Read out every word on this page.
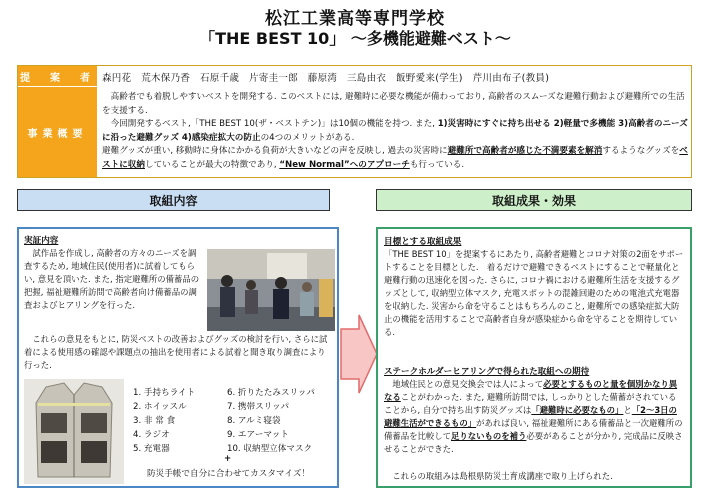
松江工業高等専門学校
「THE BEST 10」 ～多機能避難ベスト～
提　案　者 森円花　荒木保乃香　石原千歳　片寄圭一郎　藤原湾　三島由衣　飯野愛来(学生)　芹川由布子(教員)
事業概要
　高齢者でも着脱しやすいベストを開発する. このベストには, 避難時に必要な機能が備わっており, 高齢者のスムーズな避難行動および避難所での生活を支援する.
　今回開発するベスト,「THE BEST 10(ザ・ベストテン)」は10個の機能を持つ. また, 1)災害時にすぐに持ち出せる 2)軽量で多機能 3)高齢者のニーズに沿った避難グッズ 4)感染症拡大の防止の4つのメリットがある.
避難グッズが重い, 移動時に身体にかかる負荷が大きいなどの声を反映し, 過去の災害時に避難所で高齢者が感じた不満要素を解消するようなグッズをベストに収納していることが最大の特徴であり, “New Normal”へのアプローチも行っている.
取組内容	取組成果・効果
実証内容
　試作品を作成し, 高齢者の方々のニーズを調査するため, 地域住民(使用者)に試着してもらい, 意見を頂いた. また, 指定避難所の備蓄品の把握, 福祉避難所訪問で高齢者向け備蓄品の調査およびヒアリングを行った.
　これらの意見をもとに, 防災ベストの改善およびグッズの検討を行い, さらに試着による使用感の確認や課題点の抽出を使用者による試着と聞き取り調査により行った.
1. 手持ちライト
2. ホイッスル
3. 非 常 食
4. ラジオ
5. 充電器
6. 折りたたみスリッパ
7. 携帯スリッパ
8. アルミ寝袋
9. エアーマット
10. 収納型立体マスク
+
防災手帳で自分に合わせてカスタマイズ！
目標とする取組成果
「THE BEST 10」を提案するにあたり, 高齢者避難とコロナ対策の2面をサポートすることを目標とした.　着るだけで避難できるベストにすることで軽量化と避難行動の迅速化を図った. さらに, コロナ禍における避難所生活を支援するグッズとして, 収納型立体マスク, 充電スポットの混雑回避のための電池式充電器を収納した. 災害から命を守ることはもちろんのこと, 避難所での感染症拡大防止の機能を活用することで高齢者自身が感染症から命を守ることを期待している.
ステークホルダーヒアリングで得られた取組への期待
　地域住民との意見交換会では人によって必要とするものと量を個別かなり異なることがわかった. また, 避難所訪問では, しっかりとした備蓄がされていることから, 自分で持ち出す防災グッズは「避難時に必要なもの」と「2～3日の避難生活ができるもの」があれば良い, 福祉避難所にある備蓄品と一次避難所の備蓄品を比較して足りないものを補う必要があることが分かり, 完成品に反映させることができた.
　これらの取組みは島根県防災士育成講座で取り上げられた.
